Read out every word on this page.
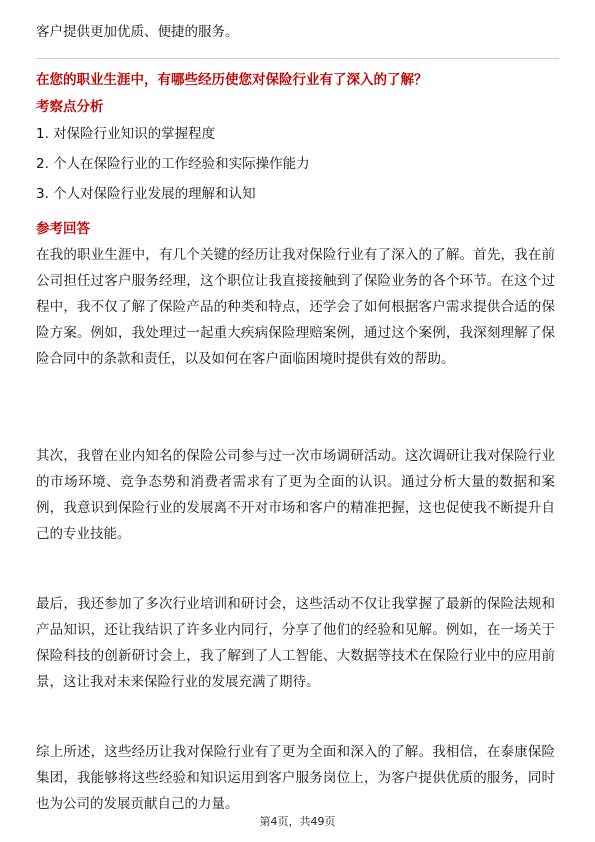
客户提供更加优质、便捷的服务。
在您的职业生涯中，有哪些经历使您对保险行业有了深入的了解？
考察点分析
1. 对保险行业知识的掌握程度
2. 个人在保险行业的工作经验和实际操作能力
3. 个人对保险行业发展的理解和认知
参考回答
在我的职业生涯中，有几个关键的经历让我对保险行业有了深入的了解。首先，我在前公司担任过客户服务经理，这个职位让我直接接触到了保险业务的各个环节。在这个过程中，我不仅了解了保险产品的种类和特点，还学会了如何根据客户需求提供合适的保险方案。例如，我处理过一起重大疾病保险理赔案例，通过这个案例，我深刻理解了保险合同中的条款和责任，以及如何在客户面临困境时提供有效的帮助。
其次，我曾在业内知名的保险公司参与过一次市场调研活动。这次调研让我对保险行业的市场环境、竞争态势和消费者需求有了更为全面的认识。通过分析大量的数据和案例，我意识到保险行业的发展离不开对市场和客户的精准把握，这也促使我不断提升自己的专业技能。
最后，我还参加了多次行业培训和研讨会，这些活动不仅让我掌握了最新的保险法规和产品知识，还让我结识了许多业内同行，分享了他们的经验和见解。例如，在一场关于保险科技的创新研讨会上，我了解到了人工智能、大数据等技术在保险行业中的应用前景，这让我对未来保险行业的发展充满了期待。
综上所述，这些经历让我对保险行业有了更为全面和深入的了解。我相信，在泰康保险集团，我能够将这些经验和知识运用到客户服务岗位上，为客户提供优质的服务，同时也为公司的发展贡献自己的力量。
第4页，共49页
